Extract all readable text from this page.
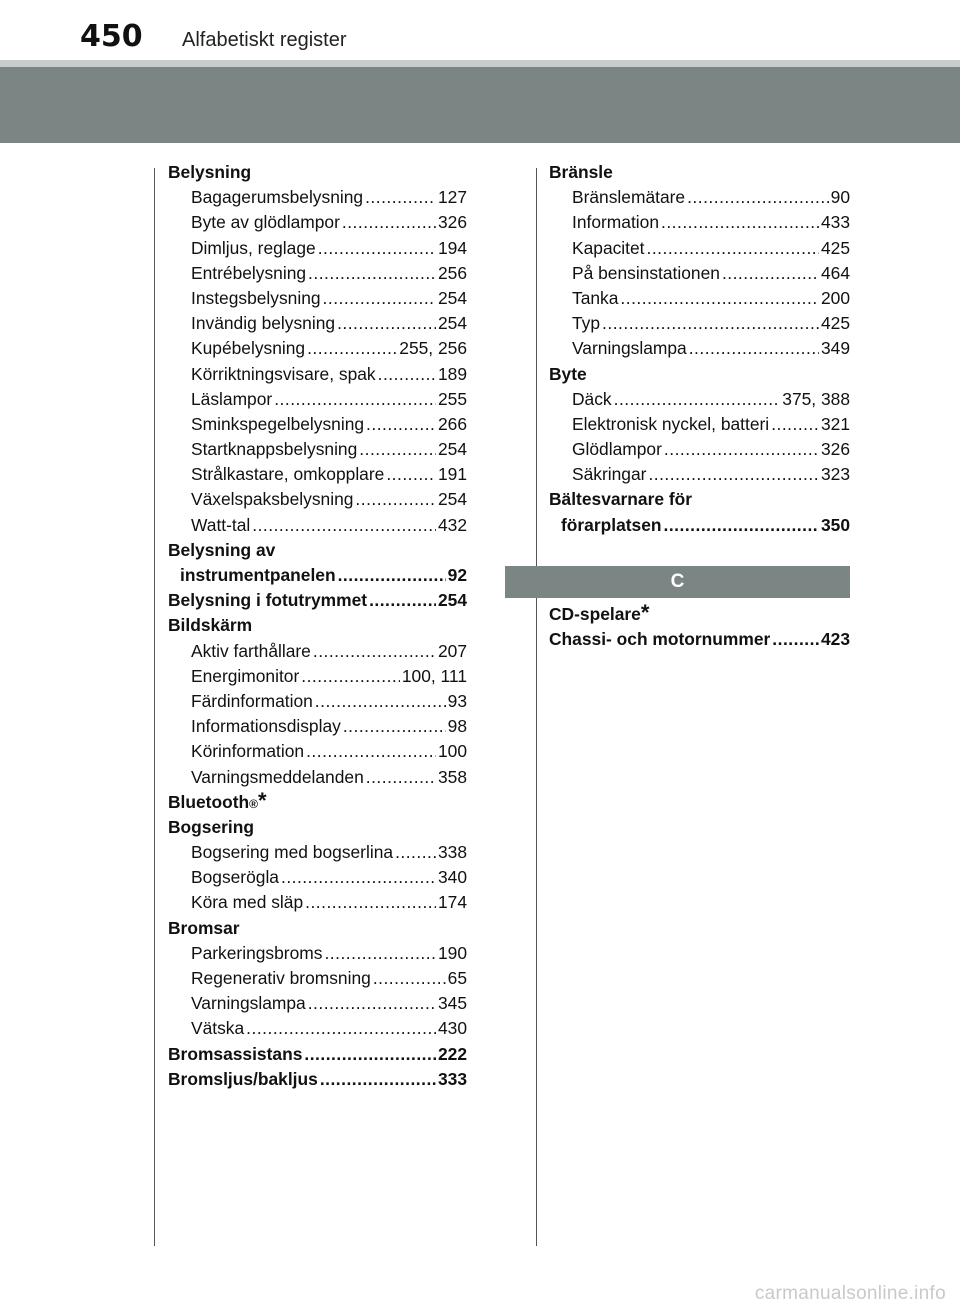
450 Alfabetiskt register
Belysning
Bagagerumsbelysning .....	127
Byte av glödlampor .....	326
Dimljus, reglage .....	194
Entrébelysning .....	256
Instegsbelysning .....	254
Invändig belysning .....	254
Kupébelysning .....	255, 256
Körriktningsvisare, spak .....	189
Läslampor .....	255
Sminkspegelbelysning .....	266
Startknappsbelysning .....	254
Strålkastare, omkopplare .....	191
Växelspaksbelysning .....	254
Watt-tal .....	432
Belysning av
instrumentpanelen .....	92
Belysning i fotutrymmet .....	254
Bildskärm
Aktiv farthållare .....	207
Energimonitor .....	100, 111
Färdinformation .....	93
Informationsdisplay .....	98
Körinformation .....	100
Varningsmeddelanden .....	358
Bluetooth ® *
Bogsering
Bogsering med bogserlina .....	338
Bogserögla .....	340
Köra med släp .....	174
Bromsar
Parkeringsbroms .....	190
Regenerativ bromsning .....	65
Varningslampa .....	345
Vätska .....	430
Bromsassistans .....	222
Bromsljus/bakljus .....	333
Bränsle
Bränslemätare .....	90
Information .....	433
Kapacitet .....	425
På bensinstationen .....	464
Tanka .....	200
Typ .....	425
Varningslampa .....	349
Byte
Däck .....	375, 388
Elektronisk nyckel, batteri .....	321
Glödlampor .....	326
Säkringar .....	323
Bältesvarnare för
förarplatsen .....	350
C
CD-spelare *
Chassi- och motornummer .....	423
carmanualsonline.info
